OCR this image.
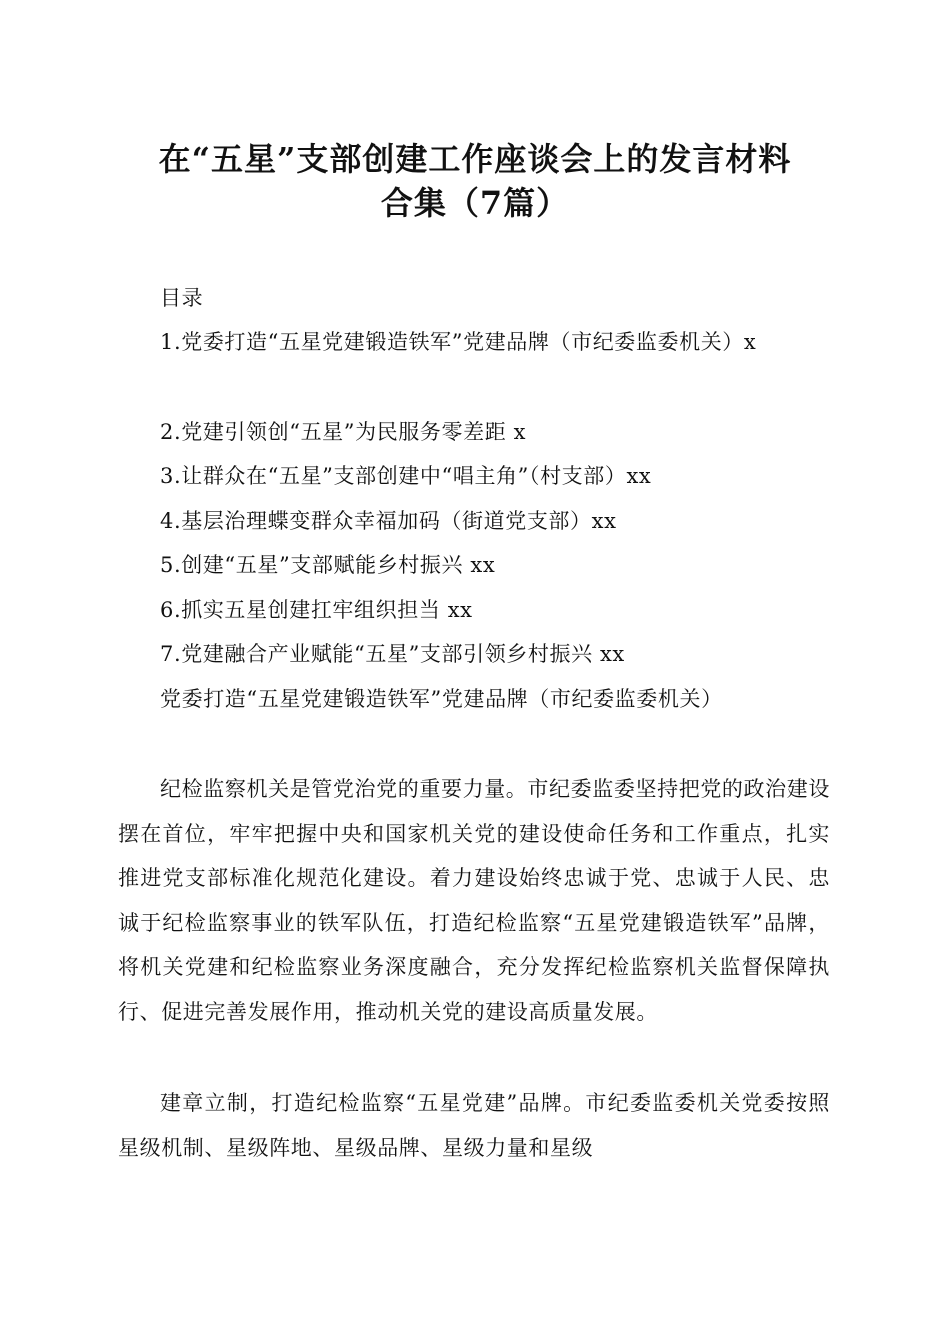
在“五星”支部创建工作座谈会上的发言材料
合集（7篇）

目录

1.党委打造“五星党建锻造铁军”党建品牌（市纪委监委机关）x

2.党建引领创“五星”为民服务零差距 x

3.让群众在“五星”支部创建中“唱主角”（村支部）xx

4.基层治理蝶变群众幸福加码（街道党支部）xx

5.创建“五星”支部赋能乡村振兴 xx

6.抓实五星创建扛牢组织担当 xx

7.党建融合产业赋能“五星”支部引领乡村振兴 xx

党委打造“五星党建锻造铁军”党建品牌（市纪委监委机关）

纪检监察机关是管党治党的重要力量。市纪委监委坚持把党的政治建设摆在首位，牢牢把握中央和国家机关党的建设使命任务和工作重点，扎实推进党支部标准化规范化建设。着力建设始终忠诚于党、忠诚于人民、忠诚于纪检监察事业的铁军队伍，打造纪检监察“五星党建锻造铁军”品牌，将机关党建和纪检监察业务深度融合，充分发挥纪检监察机关监督保障执行、促进完善发展作用，推动机关党的建设高质量发展。

建章立制，打造纪检监察“五星党建”品牌。市纪委监委机关党委按照星级机制、星级阵地、星级品牌、星级力量和星级
